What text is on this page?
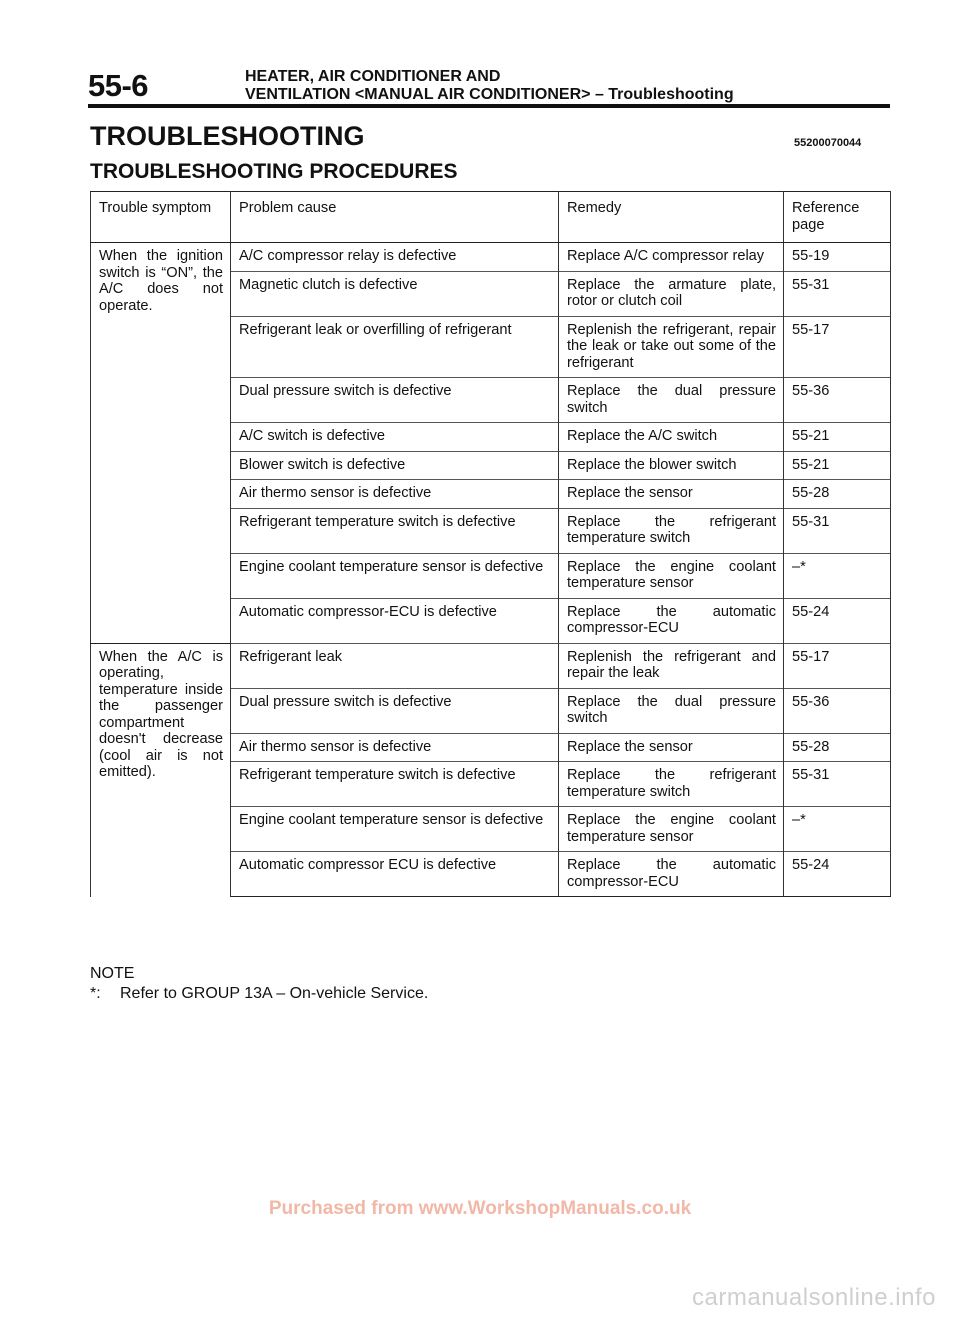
55-6	HEATER, AIR CONDITIONER AND
VENTILATION <MANUAL AIR CONDITIONER> – Troubleshooting
TROUBLESHOOTING	55200070044
TROUBLESHOOTING PROCEDURES
Trouble symptom	Problem cause	Remedy	Reference page
When the ignition switch is “ON”, the A/C does not operate.	A/C compressor relay is defective	Replace A/C compressor relay	55-19
	Magnetic clutch is defective	Replace the armature plate, rotor or clutch coil	55-31
	Refrigerant leak or overfilling of refrigerant	Replenish the refrigerant, repair the leak or take out some of the refrigerant	55-17
	Dual pressure switch is defective	Replace the dual pressure switch	55-36
	A/C switch is defective	Replace the A/C switch	55-21
	Blower switch is defective	Replace the blower switch	55-21
	Air thermo sensor is defective	Replace the sensor	55-28
	Refrigerant temperature switch is defective	Replace the refrigerant temperature switch	55-31
	Engine coolant temperature sensor is defective	Replace the engine coolant temperature sensor	–*
	Automatic compressor-ECU is defective	Replace the automatic compressor-ECU	55-24
When the A/C is operating, temperature inside the passenger compartment doesn't decrease (cool air is not emitted).	Refrigerant leak	Replenish the refrigerant and repair the leak	55-17
	Dual pressure switch is defective	Replace the dual pressure switch	55-36
	Air thermo sensor is defective	Replace the sensor	55-28
	Refrigerant temperature switch is defective	Replace the refrigerant temperature switch	55-31
	Engine coolant temperature sensor is defective	Replace the engine coolant temperature sensor	–*
	Automatic compressor ECU is defective	Replace the automatic compressor-ECU	55-24
NOTE
*:	Refer to GROUP 13A – On-vehicle Service.
Purchased from www.WorkshopManuals.co.uk
carmanualsonline.info
